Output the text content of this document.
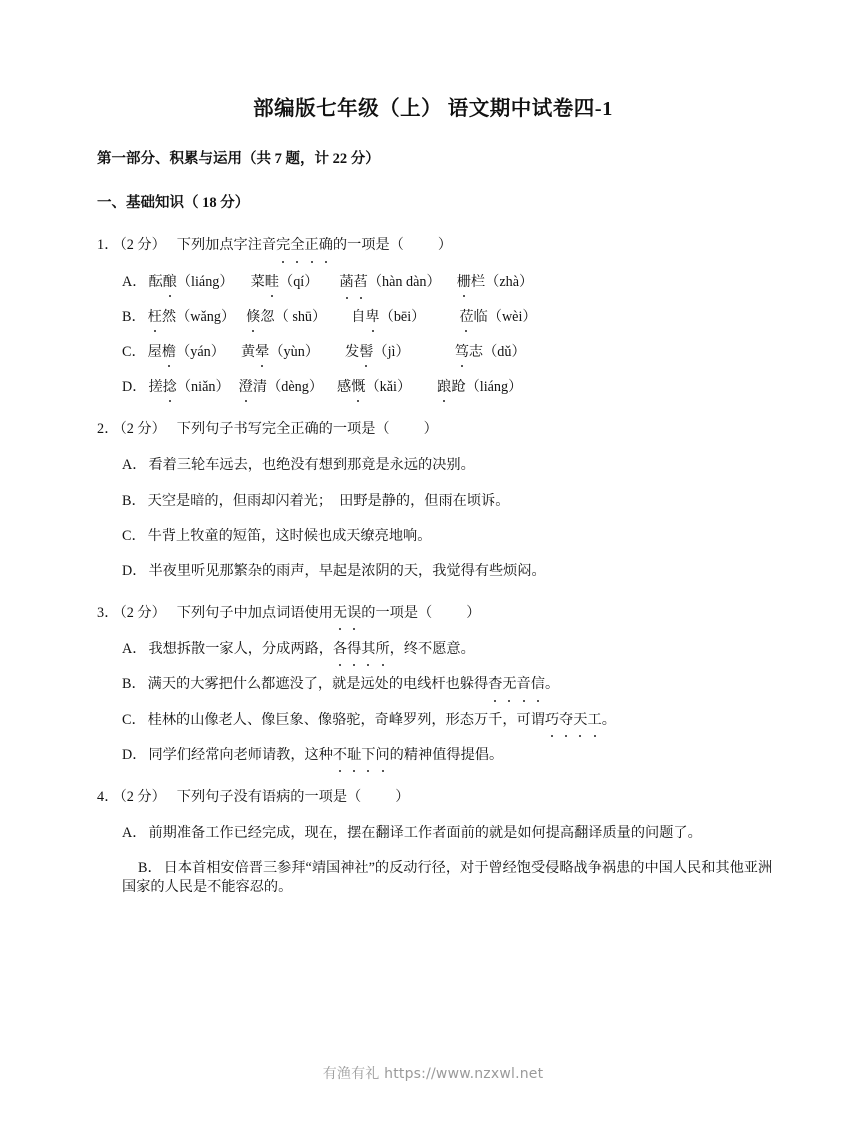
部编版七年级（上） 语文期中试卷四-1
第一部分、积累与运用（共 7 题，计 22 分）
一、基础知识（ 18 分）
1．（2 分） 下列加点字注音完全正确
的一项是（ ）
A． 酝酿（liáng） 菜畦（qí） 菡萏
（hàn dàn） 栅栏（zhà）
B． 枉然（wǎng） 倏忽（ shū） 自卑（bēi） 莅临（wèi）
C． 屋檐（yán） 黄晕（yùn） 发髻（jì）	笃志（dǔ）
D． 搓捻（niǎn） 澄清（dèng） 感慨（kǎi） 踉跄（liáng）
2．（2 分） 下列句子书写完全正确的一项是（ ）
A． 看着三轮车远去，也绝没有想到那竟是永远的决别。
B． 天空是暗的，但雨却闪着光；　田野是静的，但雨在顷诉。
C． 牛背上牧童的短笛，这时候也成天缭亮地响。
D． 半夜里听见那繁杂的雨声，早起是浓阴的天，我觉得有些烦闷。
3．（2 分） 下列句子中加点词语使用无误
的一项是（ ）
A． 我想拆散一家人，分成两路，各得其所
，终不愿意。
B． 满天的大雾把什么都遮没了，就是远处的电线杆也躲得杳无音信
。
C． 桂林的山像老人、像巨象、像骆驼，奇峰罗列，形态万千，可谓巧夺天工
。
D． 同学们经常向老师请教，这种不耻下问
的精神值得提倡。
4．（2 分） 下列句子没有语病的一项是（ ）
A． 前期准备工作已经完成，现在，摆在翻译工作者面前的就是如何提高翻译质量的问题了。
B． 日本首相安倍晋三参拜“靖国神社”的反动行径，对于曾经饱受侵略战争祸患的中国人民和其他亚洲国家的人民是不能容忍的。
有渔有礼 https://www.nzxwl.net
